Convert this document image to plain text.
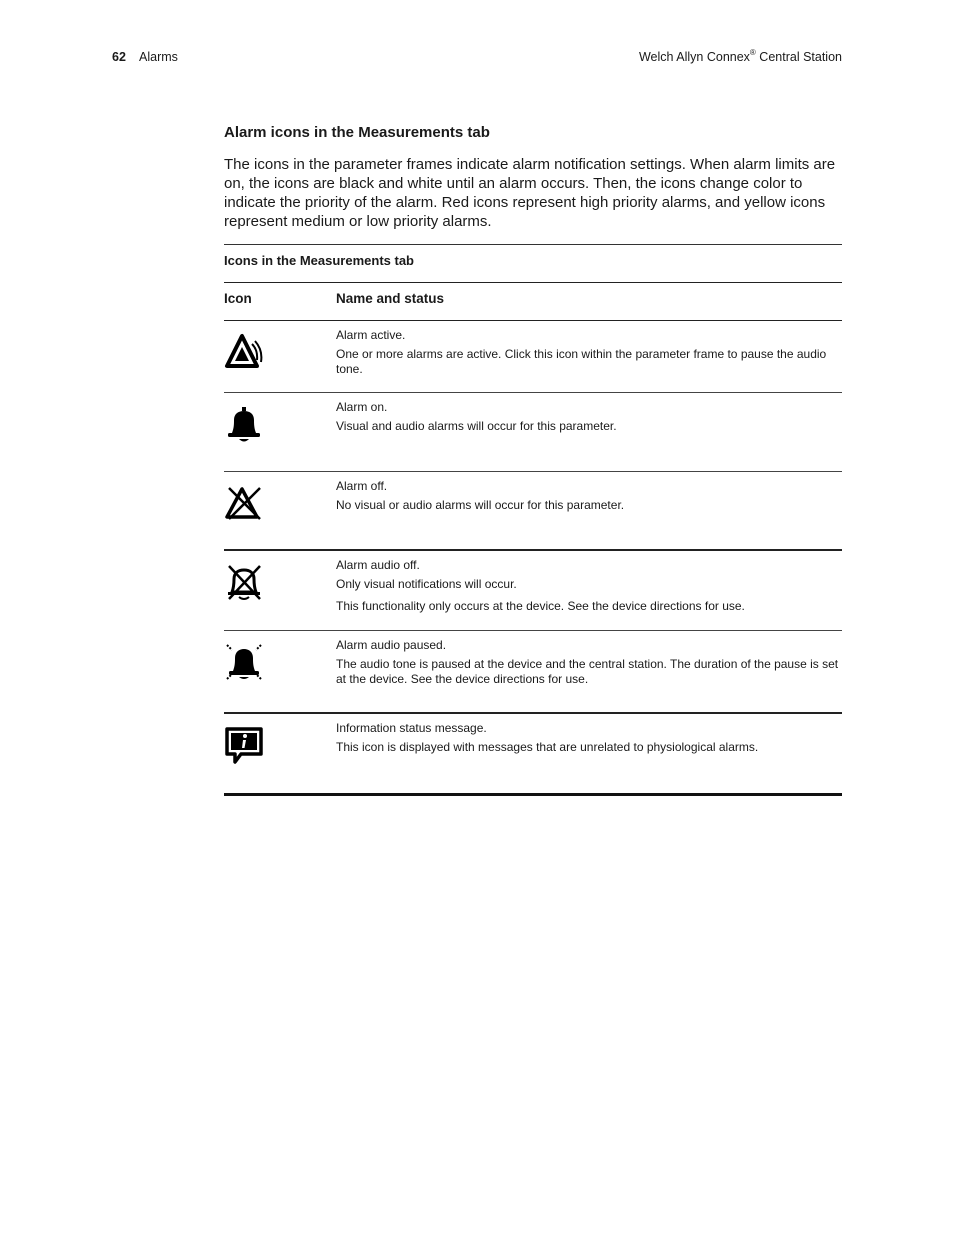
62 Alarms	Welch Allyn Connex® Central Station
Alarm icons in the Measurements tab

The icons in the parameter frames indicate alarm notification settings. When alarm limits are on, the icons are black and white until an alarm occurs. Then, the icons change color to indicate the priority of the alarm. Red icons represent high priority alarms, and yellow icons represent medium or low priority alarms.

Icons in the Measurements tab
Icon	Name and status

Alarm active.
One or more alarms are active. Click this icon within the parameter frame to pause the audio tone.

Alarm on.
Visual and audio alarms will occur for this parameter.

Alarm off.
No visual or audio alarms will occur for this parameter.

Alarm audio off.
Only visual notifications will occur.
This functionality only occurs at the device. See the device directions for use.

Alarm audio paused.
The audio tone is paused at the device and the central station. The duration of the pause is set at the device. See the device directions for use.

Information status message.
This icon is displayed with messages that are unrelated to physiological alarms.
